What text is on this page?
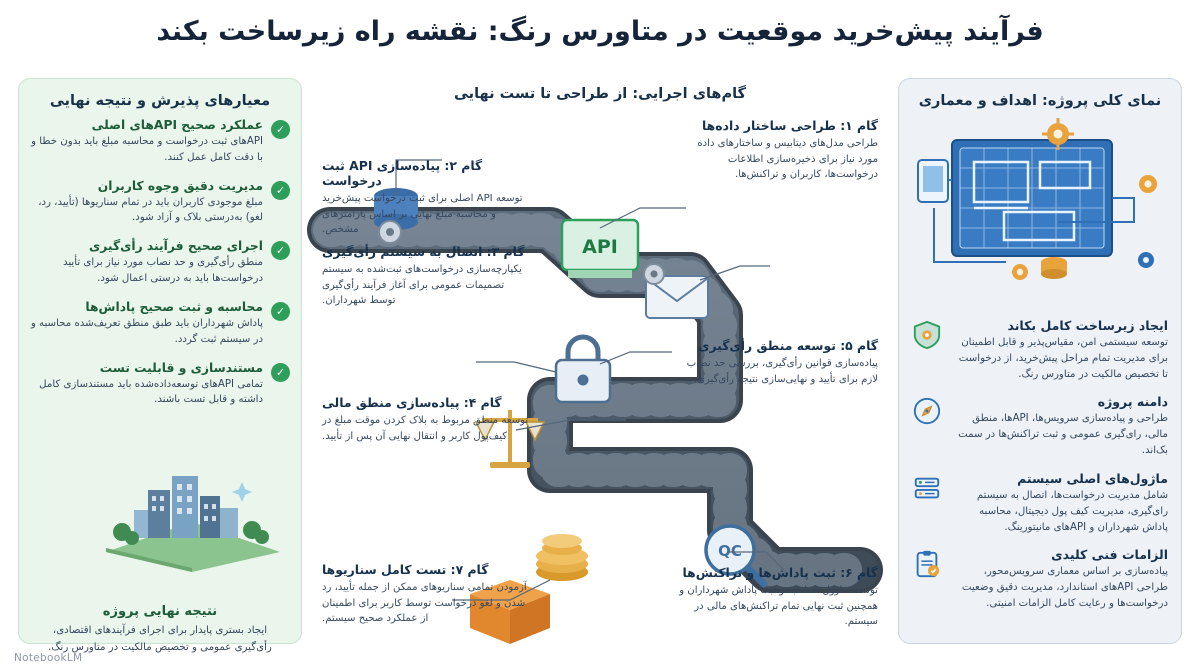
فرآیند پیش‌خرید موقعیت در متاورس رنگ: نقشه راه زیرساخت بکند
نمای کلی پروژه: اهداف و معماری
ایجاد زیرساخت کامل بکاند
توسعه سیستمی امن، مقیاس‌پذیر و قابل اطمینان برای مدیریت تمام مراحل پیش‌خرید، از درخواست تا تخصیص مالکیت در متاورس رنگ.
دامنه پروژه
طراحی و پیاده‌سازی سرویس‌ها، API‌ها، منطق مالی، رای‌گیری عمومی و ثبت تراکنش‌ها در سمت بک‌اند.
ماژول‌های اصلی سیستم
شامل مدیریت درخواست‌ها، اتصال به سیستم رای‌گیری، مدیریت کیف پول دیجیتال، محاسبه پاداش شهرداران و API‌های مانیتورینگ.
الزامات فنی کلیدی
پیاده‌سازی بر اساس معماری سرویس‌محور، طراحی API‌های استاندارد، مدیریت دقیق وضعیت درخواست‌ها و رعایت کامل الزامات امنیتی.
گام‌های اجرایی: از طراحی تا تست نهایی
API
QC
گام ۱: طراحی ساختار داده‌ها
طراحی مدل‌های دیتابیس و ساختارهای داده مورد نیاز برای ذخیره‌سازی اطلاعات درخواست‌ها، کاربران و تراکنش‌ها.
گام ۲: پیاده‌سازی API ثبت درخواست
توسعه API اصلی برای ثبت درخواست پیش‌خرید و محاسبه مبلغ نهایی بر اساس پارامترهای مشخص.
گام ۳: اتصال به سیستم رأی‌گیری
یکپارچه‌سازی درخواست‌های ثبت‌شده به سیستم تصمیمات عمومی برای آغاز فرآیند رأی‌گیری توسط شهرداران.
گام ۴: پیاده‌سازی منطق مالی
توسعه منطق مربوط به بلاک کردن موقت مبلغ در کیف‌پول کاربر و انتقال نهایی آن پس از تأیید.
گام ۵: توسعه منطق رأی‌گیری
پیاده‌سازی قوانین رأی‌گیری، بررسی حد نصاب لازم برای تأیید و نهایی‌سازی نتیجه رأی‌گیری.
گام ۶: ثبت پاداش‌ها و تراکنش‌ها
توسعه ماژول محاسبه و ثبت پاداش شهرداران و همچنین ثبت نهایی تمام تراکنش‌های مالی در سیستم.
گام ۷: تست کامل سناریوها
آزمودن تمامی سناریوهای ممکن از جمله تأیید، رد شدن و لغو درخواست توسط کاربر برای اطمینان از عملکرد صحیح سیستم.
معیارهای پذیرش و نتیجه نهایی
✓
عملکرد صحیح API‌های اصلی
API‌های ثبت درخواست و محاسبه مبلغ باید بدون خطا و با دقت کامل عمل کنند.
✓
مدیریت دقیق وجوه کاربران
مبلغ موجودی کاربران باید در تمام سناریوها (تأیید، رد، لغو) به‌درستی بلاک و آزاد شود.
✓
اجرای صحیح فرآیند رأی‌گیری
منطق رأی‌گیری و حد نصاب مورد نیاز برای تأیید درخواست‌ها باید به درستی اعمال شود.
✓
محاسبه و ثبت صحیح پاداش‌ها
پاداش شهرداران باید طبق منطق تعریف‌شده محاسبه و در سیستم ثبت گردد.
✓
مستندسازی و قابلیت تست
تمامی API‌های توسعه‌داده‌شده باید مستندسازی کامل داشته و قابل تست باشند.
نتیجه نهایی پروژه
ایجاد بستری پایدار برای اجرای فرآیندهای اقتصادی، رأی‌گیری عمومی و تخصیص مالکیت در متاورس رنگ.
NotebookLM
